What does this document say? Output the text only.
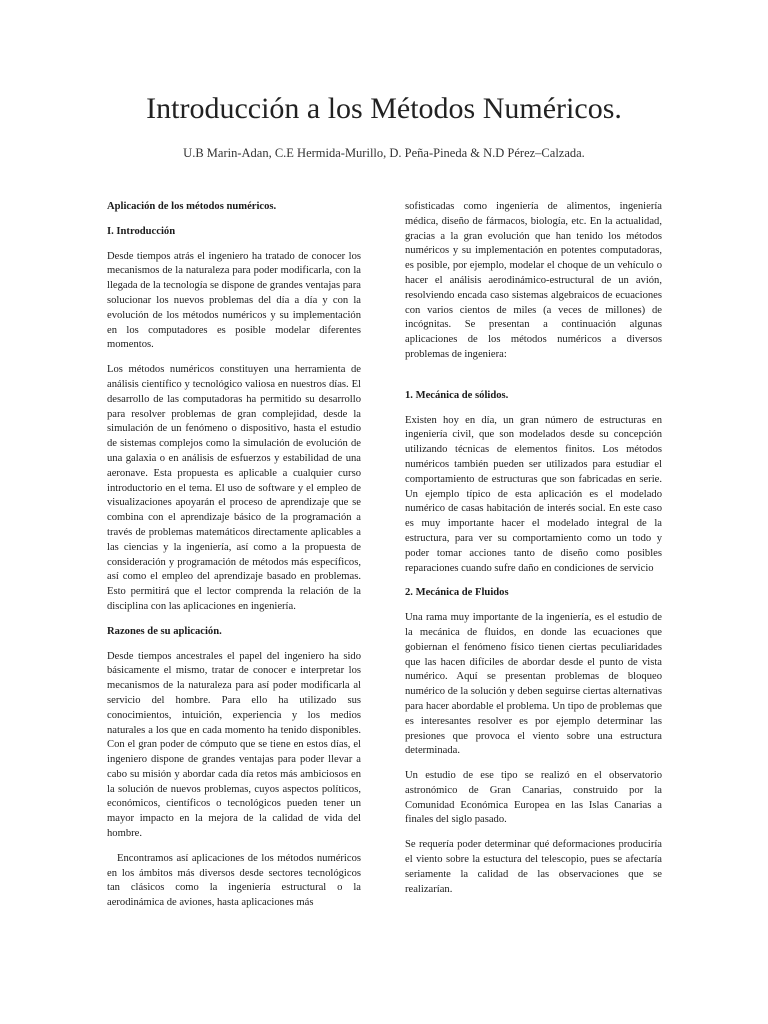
Introducción a los Métodos Numéricos.

U.B Marin-Adan, C.E Hermida-Murillo, D. Peña-Pineda & N.D Pérez–Calzada.

Aplicación de los métodos numéricos.
I. Introducción

Desde tiempos atrás el ingeniero ha tratado de conocer los mecanismos de la naturaleza para poder modificarla, con la llegada de la tecnología se dispone de grandes ventajas para solucionar los nuevos problemas del día a día y con la evolución de los métodos numéricos y su implementación en los computadores es posible modelar diferentes momentos.

Los métodos numéricos constituyen una herramienta de análisis científico y tecnológico valiosa en nuestros días. El desarrollo de las computadoras ha permitido su desarrollo para resolver problemas de gran complejidad, desde la simulación de un fenómeno o dispositivo, hasta el estudio de sistemas complejos como la simulación de evolución de una galaxia o en análisis de esfuerzos y estabilidad de una aeronave. Esta propuesta es aplicable a cualquier curso introductorio en el tema. El uso de software y el empleo de visualizaciones apoyarán el proceso de aprendizaje que se combina con el aprendizaje básico de la programación a través de problemas matemáticos directamente aplicables a las ciencias y la ingeniería, así como a la propuesta de consideración y programación de métodos más específicos, así como el empleo del aprendizaje basado en problemas. Esto permitirá que el lector comprenda la relación de la disciplina con las aplicaciones en ingeniería.

Razones de su aplicación.

Desde tiempos ancestrales el papel del ingeniero ha sido básicamente el mismo, tratar de conocer e interpretar los mecanismos de la naturaleza para así poder modificarla al servicio del hombre. Para ello ha utilizado sus conocimientos, intuición, experiencia y los medios naturales a los que en cada momento ha tenido disponibles. Con el gran poder de cómputo que se tiene en estos días, el ingeniero dispone de grandes ventajas para poder llevar a cabo su misión y abordar cada día retos más ambiciosos en la solución de nuevos problemas, cuyos aspectos políticos, económicos, científicos o tecnológicos pueden tener un mayor impacto en la mejora de la calidad de vida del hombre.

Encontramos así aplicaciones de los métodos numéricos en los ámbitos más diversos desde sectores tecnológicos tan clásicos como la ingeniería estructural o la aerodinámica de aviones, hasta aplicaciones más

sofisticadas como ingeniería de alimentos, ingeniería médica, diseño de fármacos, biología, etc. En la actualidad, gracias a la gran evolución que han tenido los métodos numéricos y su implementación en potentes computadoras, es posible, por ejemplo, modelar el choque de un vehículo o hacer el análisis aerodinámico-estructural de un avión, resolviendo encada caso sistemas algebraicos de ecuaciones con varios cientos de miles (a veces de millones) de incógnitas. Se presentan a continuación algunas aplicaciones de los métodos numéricos a diversos problemas de ingeniera:

1. Mecánica de sólidos.

Existen hoy en día, un gran número de estructuras en ingeniería civil, que son modelados desde su concepción utilizando técnicas de elementos finitos. Los métodos numéricos también pueden ser utilizados para estudiar el comportamiento de estructuras que son fabricadas en serie. Un ejemplo típico de esta aplicación es el modelado numérico de casas habitación de interés social. En este caso es muy importante hacer el modelado integral de la estructura, para ver su comportamiento como un todo y poder tomar acciones tanto de diseño como posibles reparaciones cuando sufre daño en condiciones de servicio

2. Mecánica de Fluidos

Una rama muy importante de la ingeniería, es el estudio de la mecánica de fluidos, en donde las ecuaciones que gobiernan el fenómeno físico tienen ciertas peculiaridades que las hacen difíciles de abordar desde el punto de vista numérico. Aquí se presentan problemas de bloqueo numérico de la solución y deben seguirse ciertas alternativas para hacer abordable el problema. Un tipo de problemas que es interesantes resolver es por ejemplo determinar las presiones que provoca el viento sobre una estructura determinada.

Un estudio de ese tipo se realizó en el observatorio astronómico de Gran Canarias, construido por la Comunidad Económica Europea en las Islas Canarias a finales del siglo pasado.

Se requería poder determinar qué deformaciones produciría el viento sobre la estuctura del telescopio, pues se afectaría seriamente la calidad de las observaciones que se realizarían.
